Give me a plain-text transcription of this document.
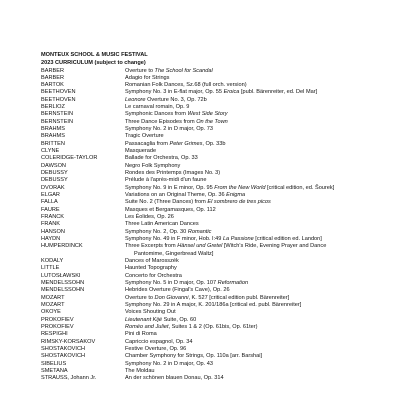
MONTEUX SCHOOL & MUSIC FESTIVAL
2023 CURRICULUM (subject to change)
BARBER	Overture to The School for Scandal
BARBER	Adagio for Strings
BARTÓK	Romanian Folk Dances, Sz.68 (full orch. version)
BEETHOVEN	Symphony No. 3 in E-flat major, Op. 55 Eroica [publ. Bärenreiter, ed. Del Mar]
BEETHOVEN	Leonore Overture No. 3, Op. 72b
BERLIOZ	Le carnaval romain, Op. 9
BERNSTEIN	Symphonic Dances from West Side Story
BERNSTEIN	Three Dance Episodes from On the Town
BRAHMS	Symphony No. 2 in D major, Op. 73
BRAHMS	Tragic Overture
BRITTEN	Passacaglia from Peter Grimes, Op. 33b
CLYNE	Masquerade
COLERIDGE-TAYLOR	Ballade for Orchestra, Op. 33
DAWSON	Negro Folk Symphony
DEBUSSY	Rondes des Printemps (Images No. 3)
DEBUSSY	Prélude à l'après-midi d'un faune
DVOŘÁK	Symphony No. 9 in E minor, Op. 95 From the New World [critical edition, ed. Šourek]
ELGAR	Variations on an Original Theme, Op. 36 Enigma
FALLA	Suite No. 2 (Three Dances) from El sombrero de tres picos
FAURÉ	Masques et Bergamasques, Op. 112
FRANCK	Les Éolides, Op. 26
FRANK	Three Latin American Dances
HANSON	Symphony No. 2, Op. 30 Romantic
HAYDN	Symphony No. 49 in F minor, Hob. I:49 La Passione [critical edition ed. Landon]
HUMPERDINCK	Three Excerpts from Hänsel und Gretel [Witch's Ride, Evening Prayer and Dance
Pantomime, Gingerbread Waltz]
KODÁLY	Dances of Marosszék
LITTLE	Haunted Topography
LUTOSŁAWSKI	Concerto for Orchestra
MENDELSSOHN	Symphony No. 5 in D major, Op. 107 Reformation
MENDELSSOHN	Hebrides Overture (Fingal's Cave), Op. 26
MOZART	Overture to Don Giovanni, K. 527 [critical edition publ. Bärenreiter]
MOZART	Symphony No. 29 in A major, K. 201/186a [critical ed. publ. Bärenreiter]
OKOYE	Voices Shouting Out
PROKOFIEV	Lieutenant Kijé Suite, Op. 60
PROKOFIEV	Roméo and Juliet, Suites 1 & 2 (Op. 61bis, Op. 61ter)
RESPIGHI	Pini di Roma
RIMSKY-KORSAKOV	Capriccio espagnol, Op. 34
SHOSTAKOVICH	Festive Overture, Op. 96
SHOSTAKOVICH	Chamber Symphony for Strings, Op. 110a [arr. Barshai]
SIBELIUS	Symphony No. 2 in D major, Op. 43
SMETANA	The Moldau
STRAUSS, Johann Jr.	An der schönen blauen Donau, Op. 314
